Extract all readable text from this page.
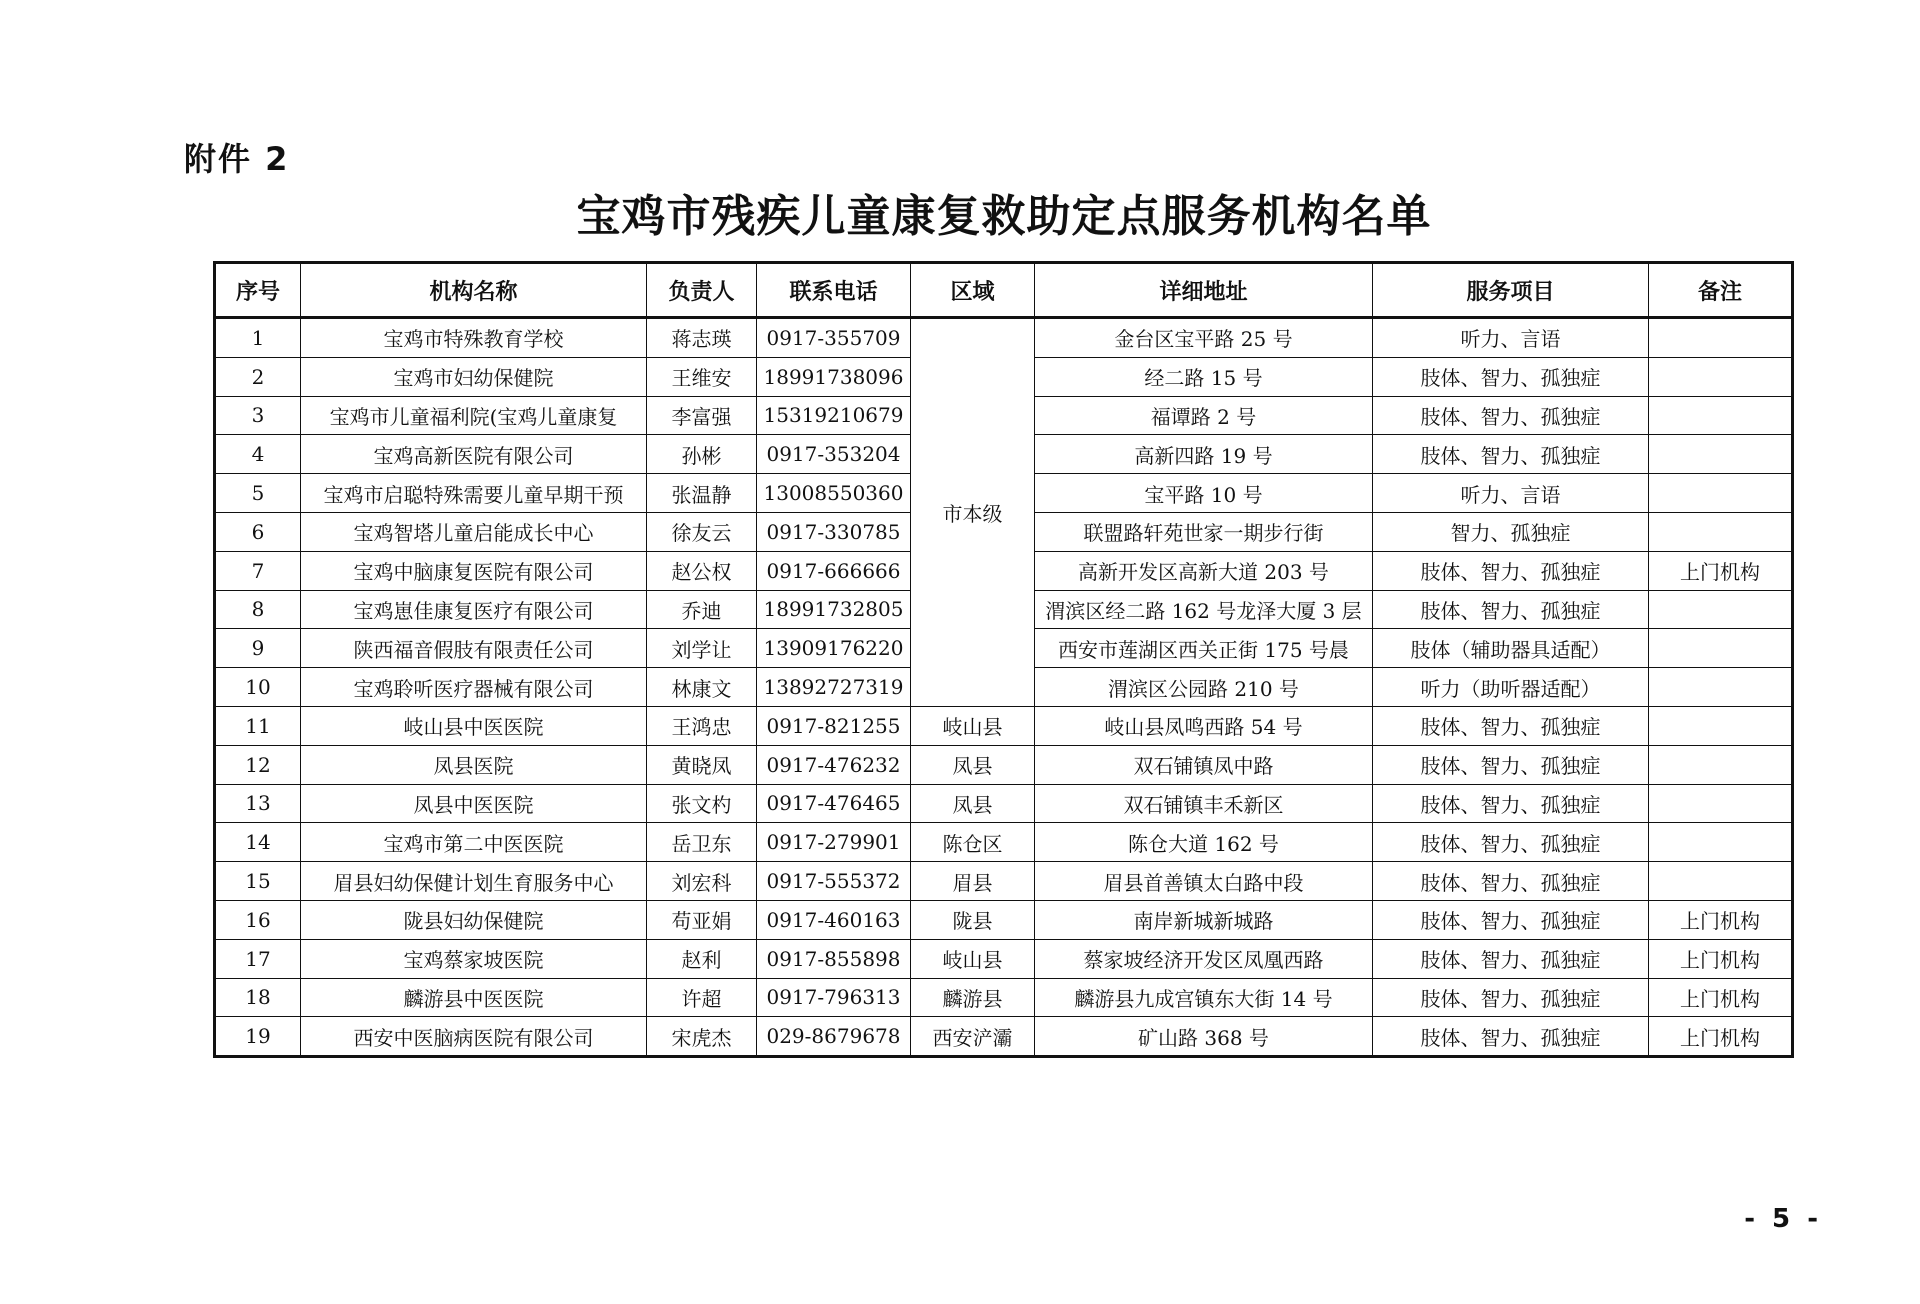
附件 2
宝鸡市残疾儿童康复救助定点服务机构名单
序号	机构名称	负责人	联系电话	区域	详细地址	服务项目	备注
1	宝鸡市特殊教育学校	蒋志瑛	0917-355709	市本级	金台区宝平路 25 号	听力、言语	
2	宝鸡市妇幼保健院	王维安	18991738096		经二路 15 号	肢体、智力、孤独症	
3	宝鸡市儿童福利院(宝鸡儿童康复	李富强	15319210679		福谭路 2 号	肢体、智力、孤独症	
4	宝鸡高新医院有限公司	孙彬	0917-353204		高新四路 19 号	肢体、智力、孤独症	
5	宝鸡市启聪特殊需要儿童早期干预	张温静	13008550360		宝平路 10 号	听力、言语	
6	宝鸡智塔儿童启能成长中心	徐友云	0917-330785		联盟路轩苑世家一期步行街	智力、孤独症	
7	宝鸡中脑康复医院有限公司	赵公权	0917-666666		高新开发区高新大道 203 号	肢体、智力、孤独症	上门机构
8	宝鸡崽佳康复医疗有限公司	乔迪	18991732805		渭滨区经二路 162 号龙泽大厦 3 层	肢体、智力、孤独症	
9	陕西福音假肢有限责任公司	刘学让	13909176220		西安市莲湖区西关正街 175 号晨	肢体（辅助器具适配）	
10	宝鸡聆听医疗器械有限公司	林康文	13892727319		渭滨区公园路 210 号	听力（助听器适配）	
11	岐山县中医医院	王鸿忠	0917-821255	岐山县	岐山县凤鸣西路 54 号	肢体、智力、孤独症	
12	凤县医院	黄晓凤	0917-476232	凤县	双石铺镇凤中路	肢体、智力、孤独症	
13	凤县中医医院	张文杓	0917-476465	凤县	双石铺镇丰禾新区	肢体、智力、孤独症	
14	宝鸡市第二中医医院	岳卫东	0917-279901	陈仓区	陈仓大道 162 号	肢体、智力、孤独症	
15	眉县妇幼保健计划生育服务中心	刘宏科	0917-555372	眉县	眉县首善镇太白路中段	肢体、智力、孤独症	
16	陇县妇幼保健院	苟亚娟	0917-460163	陇县	南岸新城新城路	肢体、智力、孤独症	上门机构
17	宝鸡蔡家坡医院	赵利	0917-855898	岐山县	蔡家坡经济开发区凤凰西路	肢体、智力、孤独症	上门机构
18	麟游县中医医院	许超	0917-796313	麟游县	麟游县九成宫镇东大街 14 号	肢体、智力、孤独症	上门机构
19	西安中医脑病医院有限公司	宋虎杰	029-8679678	西安浐灞	矿山路 368 号	肢体、智力、孤独症	上门机构
- 5 -
